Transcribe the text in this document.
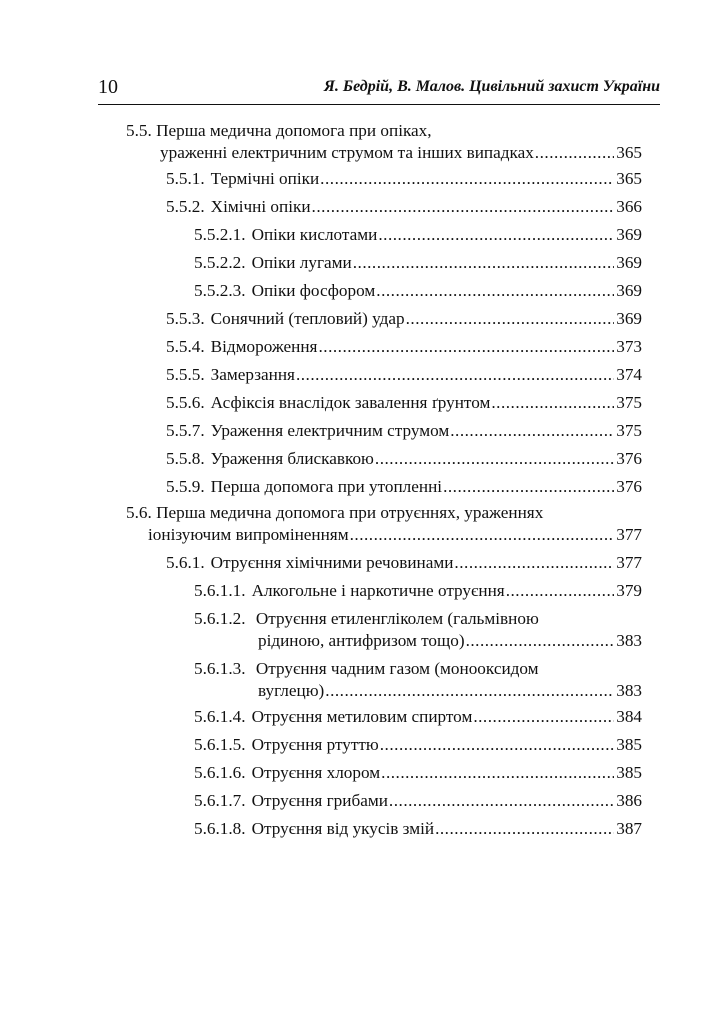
10	Я. Бедрій, В. Малов. Цивільний захист України
5.5. Перша медична допомога при опіках,
ураженні електричним струмом та інших випадках .....	365
5.5.1. Термічні опіки .....	365
5.5.2. Хімічні опіки .....	366
5.5.2.1. Опіки кислотами .....	369
5.5.2.2. Опіки лугами .....	369
5.5.2.3. Опіки фосфором .....	369
5.5.3. Сонячний (тепловий) удар .....	369
5.5.4. Відмороження .....	373
5.5.5. Замерзання .....	374
5.5.6. Асфіксія внаслідок завалення ґрунтом .....	375
5.5.7. Ураження електричним струмом .....	375
5.5.8. Ураження блискавкою .....	376
5.5.9. Перша допомога при утопленні .....	376
5.6. Перша медична допомога при отруєннях, ураженнях
іонізуючим випроміненням .....	377
5.6.1. Отруєння хімічними речовинами .....	377
5.6.1.1. Алкогольне і наркотичне отруєння .....	379
5.6.1.2. Отруєння етиленгліколем (гальмівною
рідиною, антифризом тощо) .....	383
5.6.1.3. Отруєння чадним газом (монооксидом
вуглецю) .....	383
5.6.1.4. Отруєння метиловим спиртом .....	384
5.6.1.5. Отруєння ртуттю .....	385
5.6.1.6. Отруєння хлором .....	385
5.6.1.7. Отруєння грибами .....	386
5.6.1.8. Отруєння від укусів змій .....	387
